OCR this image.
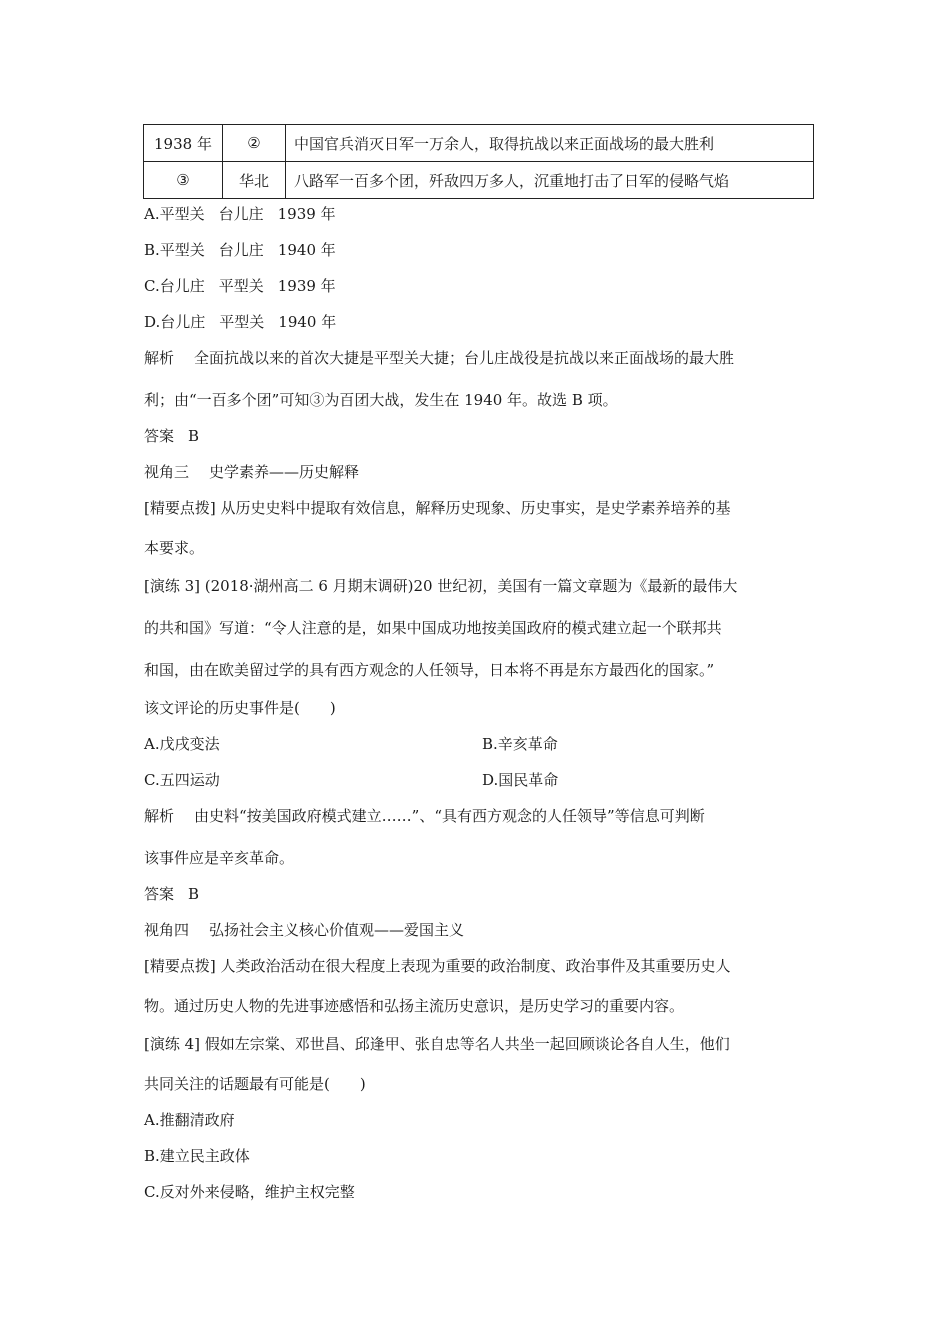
1938 年	②	中国官兵消灭日军一万余人，取得抗战以来正面战场的最大胜利
③	华北	八路军一百多个团，歼敌四万多人，沉重地打击了日军的侵略气焰
A.平型关 台儿庄 1939 年
B.平型关 台儿庄 1940 年
C.台儿庄 平型关 1939 年
D.台儿庄 平型关 1940 年
解析 全面抗战以来的首次大捷是平型关大捷；台儿庄战役是抗战以来正面战场的最大胜
利；由“一百多个团”可知③为百团大战，发生在 1940 年。故选 B 项。
答案 B
视角三 史学素养——历史解释
[精要点拨] 从历史史料中提取有效信息，解释历史现象、历史事实，是史学素养培养的基
本要求。
[演练 3] (2018·湖州高二 6 月期末调研)20 世纪初，美国有一篇文章题为《最新的最伟大
的共和国》写道：“令人注意的是，如果中国成功地按美国政府的模式建立起一个联邦共
和国，由在欧美留过学的具有西方观念的人任领导，日本将不再是东方最西化的国家。”
该文评论的历史事件是(　　)
A.戊戌变法	B.辛亥革命
C.五四运动	D.国民革命
解析 由史料“按美国政府模式建立……”、“具有西方观念的人任领导”等信息可判断
该事件应是辛亥革命。
答案 B
视角四 弘扬社会主义核心价值观——爱国主义
[精要点拨] 人类政治活动在很大程度上表现为重要的政治制度、政治事件及其重要历史人
物。通过历史人物的先进事迹感悟和弘扬主流历史意识，是历史学习的重要内容。
[演练 4] 假如左宗棠、邓世昌、邱逢甲、张自忠等名人共坐一起回顾谈论各自人生，他们
共同关注的话题最有可能是(　　)
A.推翻清政府
B.建立民主政体
C.反对外来侵略，维护主权完整
